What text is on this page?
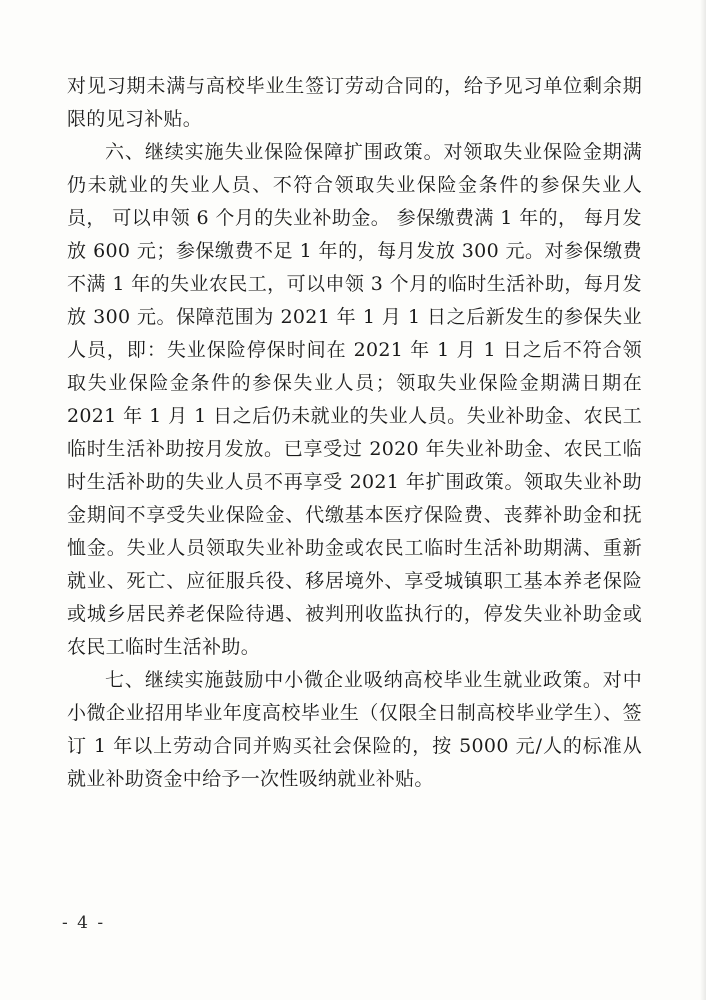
对见习期未满与高校毕业生签订劳动合同的，给予见习单位剩余期限的见习补贴。

六、继续实施失业保险保障扩围政策。对领取失业保险金期满仍未就业的失业人员、不符合领取失业保险金条件的参保失业人员， 可以申领 6 个月的失业补助金。 参保缴费满 1 年的， 每月发放 600 元；参保缴费不足 1 年的，每月发放 300 元。对参保缴费不满 1 年的失业农民工，可以申领 3 个月的临时生活补助，每月发放 300 元。保障范围为 2021 年 1 月 1 日之后新发生的参保失业人员，即：失业保险停保时间在 2021 年 1 月 1 日之后不符合领取失业保险金条件的参保失业人员；领取失业保险金期满日期在 2021 年 1 月 1 日之后仍未就业的失业人员。失业补助金、农民工临时生活补助按月发放。已享受过 2020 年失业补助金、农民工临时生活补助的失业人员不再享受 2021 年扩围政策。领取失业补助金期间不享受失业保险金、代缴基本医疗保险费、丧葬补助金和抚恤金。失业人员领取失业补助金或农民工临时生活补助期满、重新就业、死亡、应征服兵役、移居境外、享受城镇职工基本养老保险或城乡居民养老保险待遇、被判刑收监执行的，停发失业补助金或农民工临时生活补助。

七、继续实施鼓励中小微企业吸纳高校毕业生就业政策。对中小微企业招用毕业年度高校毕业生（仅限全日制高校毕业学生）、签订 1 年以上劳动合同并购买社会保险的，按 5000 元/人的标准从就业补助资金中给予一次性吸纳就业补贴。

- 4 -
